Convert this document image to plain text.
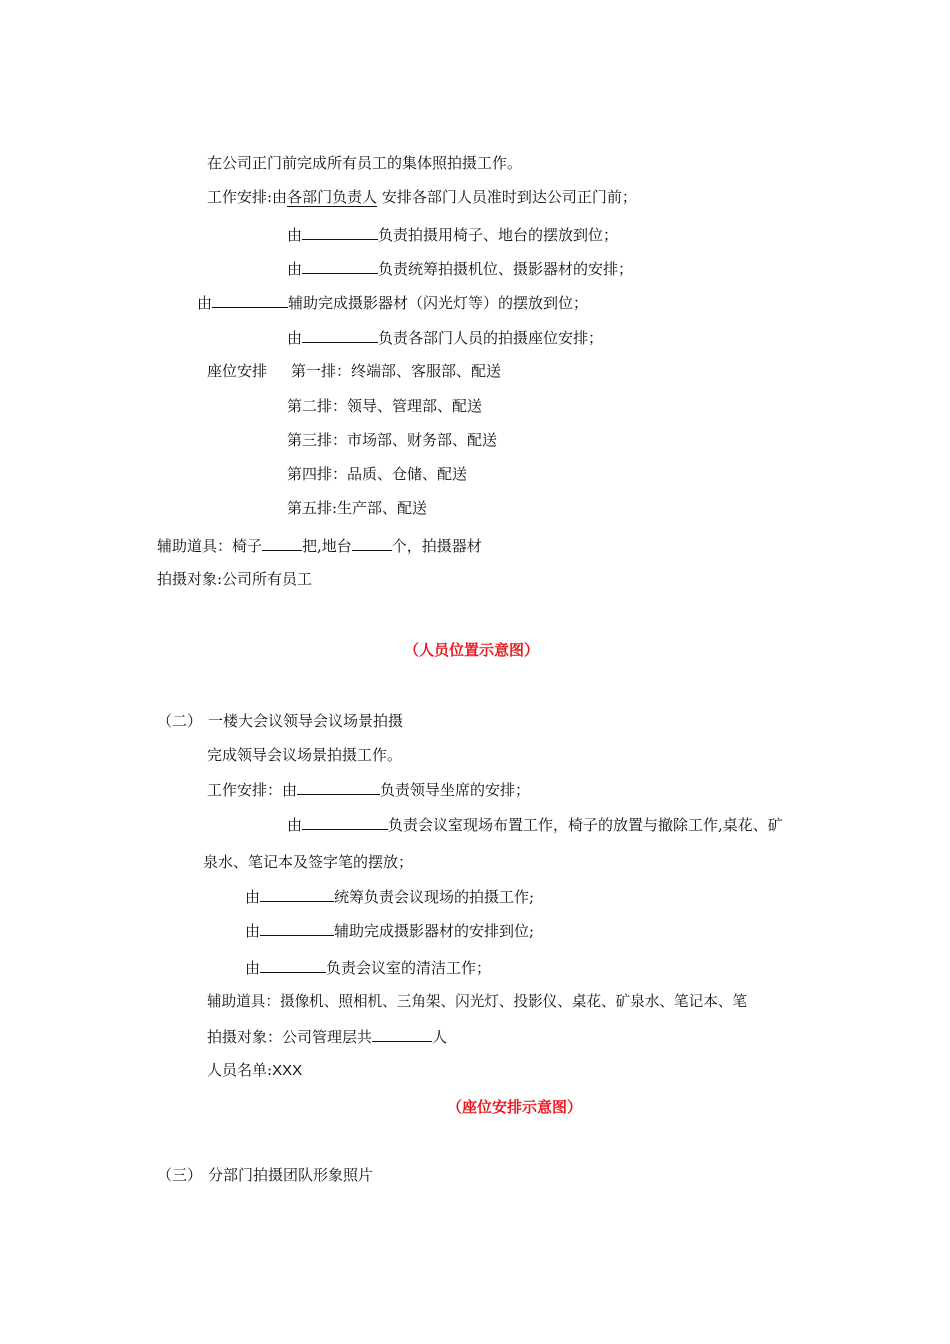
在公司正门前完成所有员工的集体照拍摄工作。
工作安排:由各部门负责人 安排各部门人员准时到达公司正门前；
由	负责拍摄用椅子、地台的摆放到位；
由	负责统筹拍摄机位、摄影器材的安排；
由	辅助完成摄影器材（闪光灯等）的摆放到位；
由	负责各部门人员的拍摄座位安排；
座位安排 第一排：终端部、客服部、配送
第二排：领导、管理部、配送
第三排：市场部、财务部、配送
第四排：品质、仓储、配送
第五排:生产部、配送
辅助道具：椅子	把,地台	个，拍摄器材
拍摄对象:公司所有员工
（人员位置示意图）
（二） 一楼大会议领导会议场景拍摄
完成领导会议场景拍摄工作。
工作安排：由	负责领导坐席的安排；
由	负责会议室现场布置工作，椅子的放置与撤除工作,桌花、矿
泉水、笔记本及签字笔的摆放；
由	统筹负责会议现场的拍摄工作;
由	辅助完成摄影器材的安排到位;
由	负责会议室的清洁工作；
辅助道具：摄像机、照相机、三角架、闪光灯、投影仪、桌花、矿泉水、笔记本、笔
拍摄对象：公司管理层共	人
人员名单:XXX
（座位安排示意图）
（三） 分部门拍摄团队形象照片
